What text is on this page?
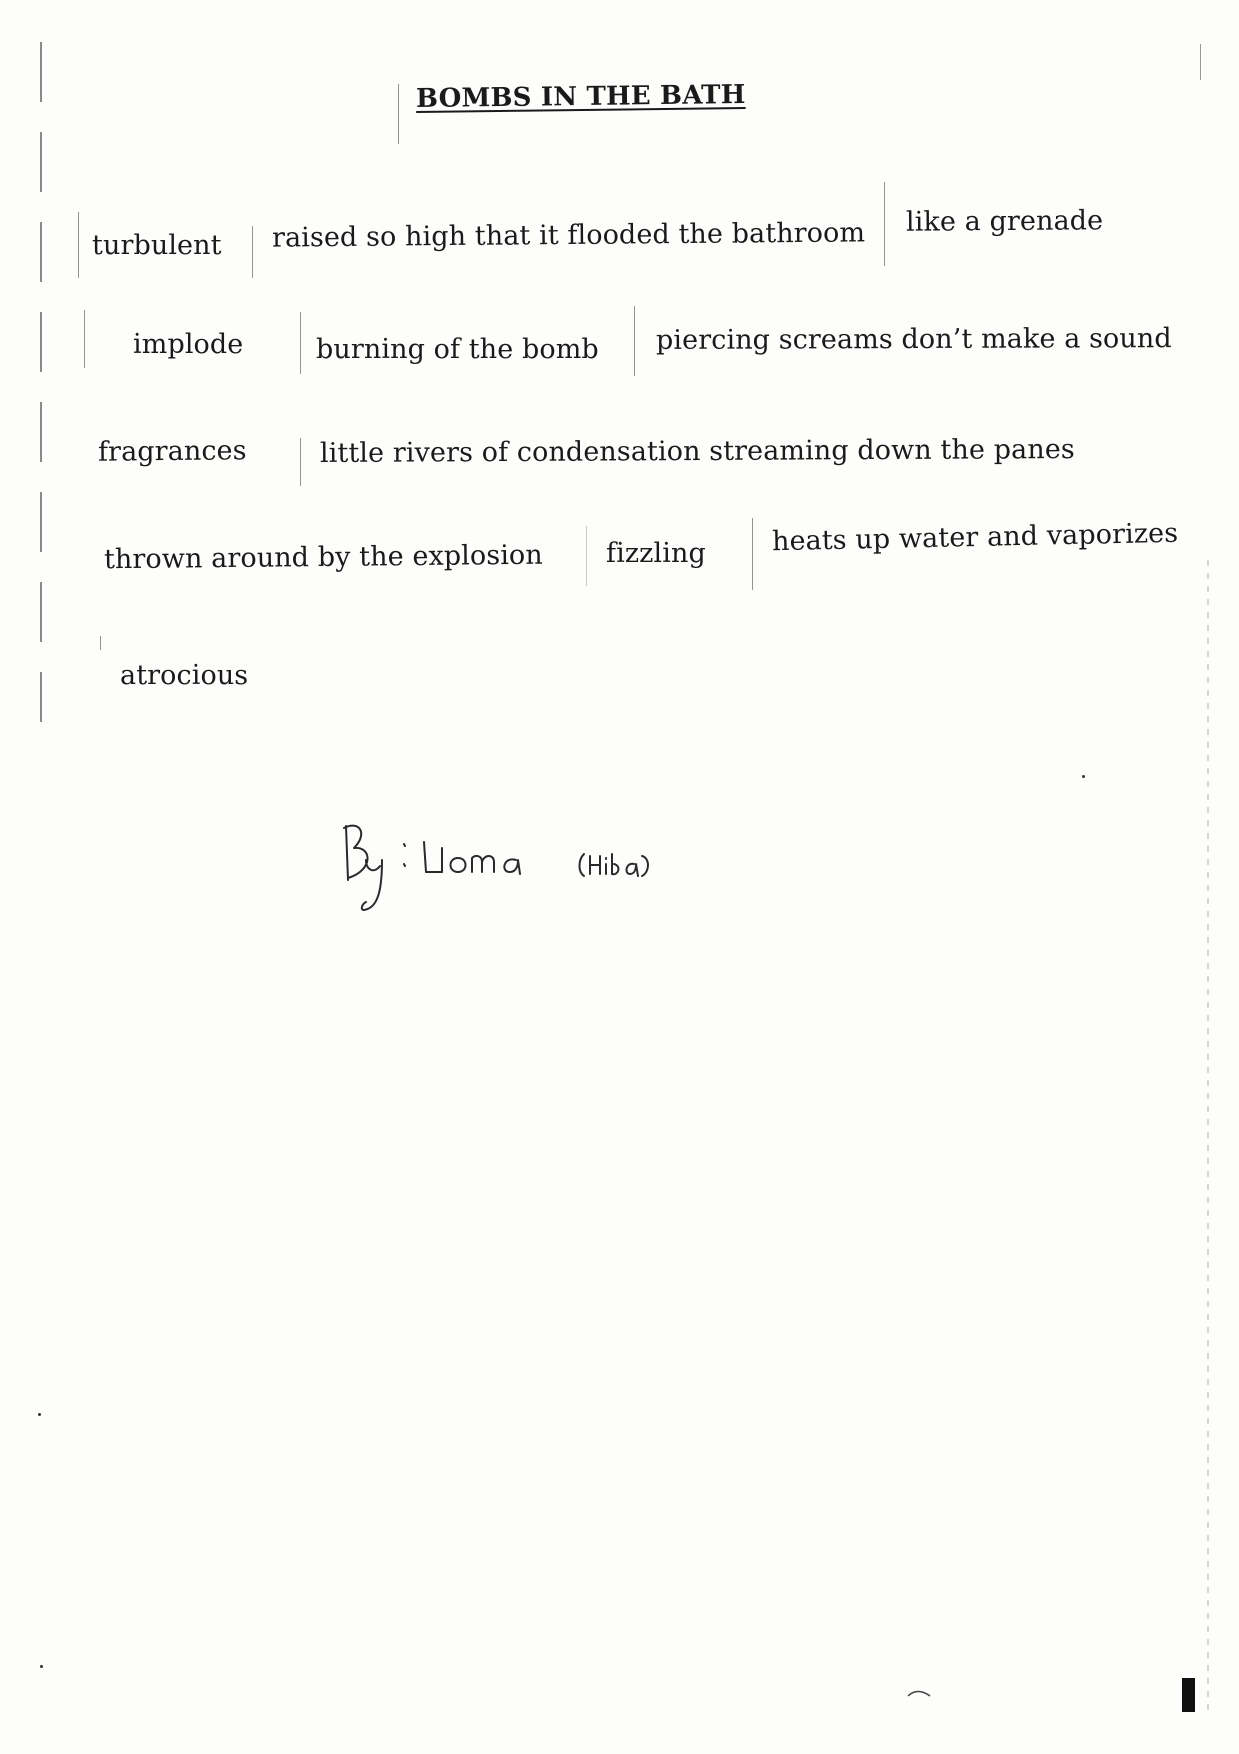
BOMBS IN THE BATH
turbulent raised so high that it flooded the bathroom like a grenade
implode	burning of the bomb piercing screams don’t make a sound
fragrances	little rivers of condensation streaming down the panes
thrown around by the explosion fizzling heats up water and vaporizes
atrocious
